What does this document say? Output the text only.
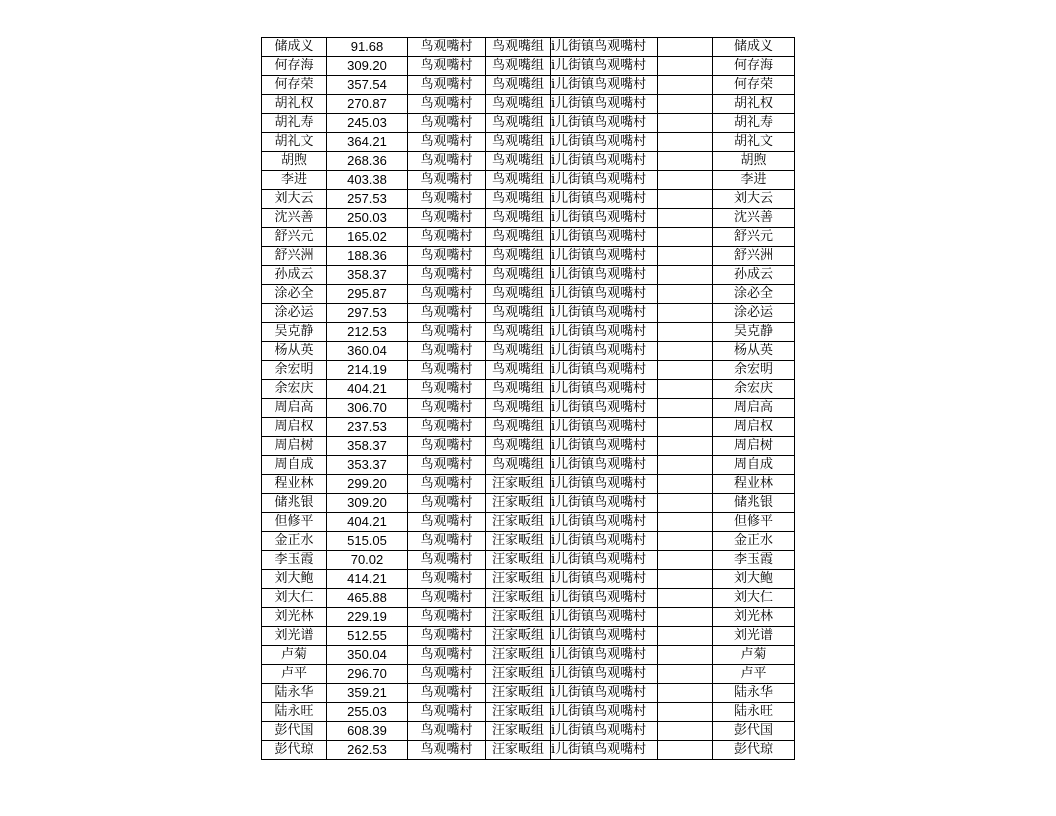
储成义	91.68	鸟观嘴村	鸟观嘴组	i儿街镇鸟观嘴村		储成义
何存海	309.20	鸟观嘴村	鸟观嘴组	i儿街镇鸟观嘴村		何存海
何存荣	357.54	鸟观嘴村	鸟观嘴组	i儿街镇鸟观嘴村		何存荣
胡礼权	270.87	鸟观嘴村	鸟观嘴组	i儿街镇鸟观嘴村		胡礼权
胡礼寿	245.03	鸟观嘴村	鸟观嘴组	i儿街镇鸟观嘴村		胡礼寿
胡礼文	364.21	鸟观嘴村	鸟观嘴组	i儿街镇鸟观嘴村		胡礼文
胡煦	268.36	鸟观嘴村	鸟观嘴组	i儿街镇鸟观嘴村		胡煦
李进	403.38	鸟观嘴村	鸟观嘴组	i儿街镇鸟观嘴村		李进
刘大云	257.53	鸟观嘴村	鸟观嘴组	i儿街镇鸟观嘴村		刘大云
沈兴善	250.03	鸟观嘴村	鸟观嘴组	i儿街镇鸟观嘴村		沈兴善
舒兴元	165.02	鸟观嘴村	鸟观嘴组	i儿街镇鸟观嘴村		舒兴元
舒兴洲	188.36	鸟观嘴村	鸟观嘴组	i儿街镇鸟观嘴村		舒兴洲
孙成云	358.37	鸟观嘴村	鸟观嘴组	i儿街镇鸟观嘴村		孙成云
涂必全	295.87	鸟观嘴村	鸟观嘴组	i儿街镇鸟观嘴村		涂必全
涂必运	297.53	鸟观嘴村	鸟观嘴组	i儿街镇鸟观嘴村		涂必运
吴克静	212.53	鸟观嘴村	鸟观嘴组	i儿街镇鸟观嘴村		吴克静
杨从英	360.04	鸟观嘴村	鸟观嘴组	i儿街镇鸟观嘴村		杨从英
余宏明	214.19	鸟观嘴村	鸟观嘴组	i儿街镇鸟观嘴村		余宏明
余宏庆	404.21	鸟观嘴村	鸟观嘴组	i儿街镇鸟观嘴村		余宏庆
周启高	306.70	鸟观嘴村	鸟观嘴组	i儿街镇鸟观嘴村		周启高
周启权	237.53	鸟观嘴村	鸟观嘴组	i儿街镇鸟观嘴村		周启权
周启树	358.37	鸟观嘴村	鸟观嘴组	i儿街镇鸟观嘴村		周启树
周自成	353.37	鸟观嘴村	鸟观嘴组	i儿街镇鸟观嘴村		周自成
程业林	299.20	鸟观嘴村	汪家畈组	i儿街镇鸟观嘴村		程业林
储兆银	309.20	鸟观嘴村	汪家畈组	i儿街镇鸟观嘴村		储兆银
但修平	404.21	鸟观嘴村	汪家畈组	i儿街镇鸟观嘴村		但修平
金正水	515.05	鸟观嘴村	汪家畈组	i儿街镇鸟观嘴村		金正水
李玉霞	70.02	鸟观嘴村	汪家畈组	i儿街镇鸟观嘴村		李玉霞
刘大鲍	414.21	鸟观嘴村	汪家畈组	i儿街镇鸟观嘴村		刘大鲍
刘大仁	465.88	鸟观嘴村	汪家畈组	i儿街镇鸟观嘴村		刘大仁
刘光林	229.19	鸟观嘴村	汪家畈组	i儿街镇鸟观嘴村		刘光林
刘光谱	512.55	鸟观嘴村	汪家畈组	i儿街镇鸟观嘴村		刘光谱
卢菊	350.04	鸟观嘴村	汪家畈组	i儿街镇鸟观嘴村		卢菊
卢平	296.70	鸟观嘴村	汪家畈组	i儿街镇鸟观嘴村		卢平
陆永华	359.21	鸟观嘴村	汪家畈组	i儿街镇鸟观嘴村		陆永华
陆永旺	255.03	鸟观嘴村	汪家畈组	i儿街镇鸟观嘴村		陆永旺
彭代国	608.39	鸟观嘴村	汪家畈组	i儿街镇鸟观嘴村		彭代国
彭代琼	262.53	鸟观嘴村	汪家畈组	i儿街镇鸟观嘴村		彭代琼
